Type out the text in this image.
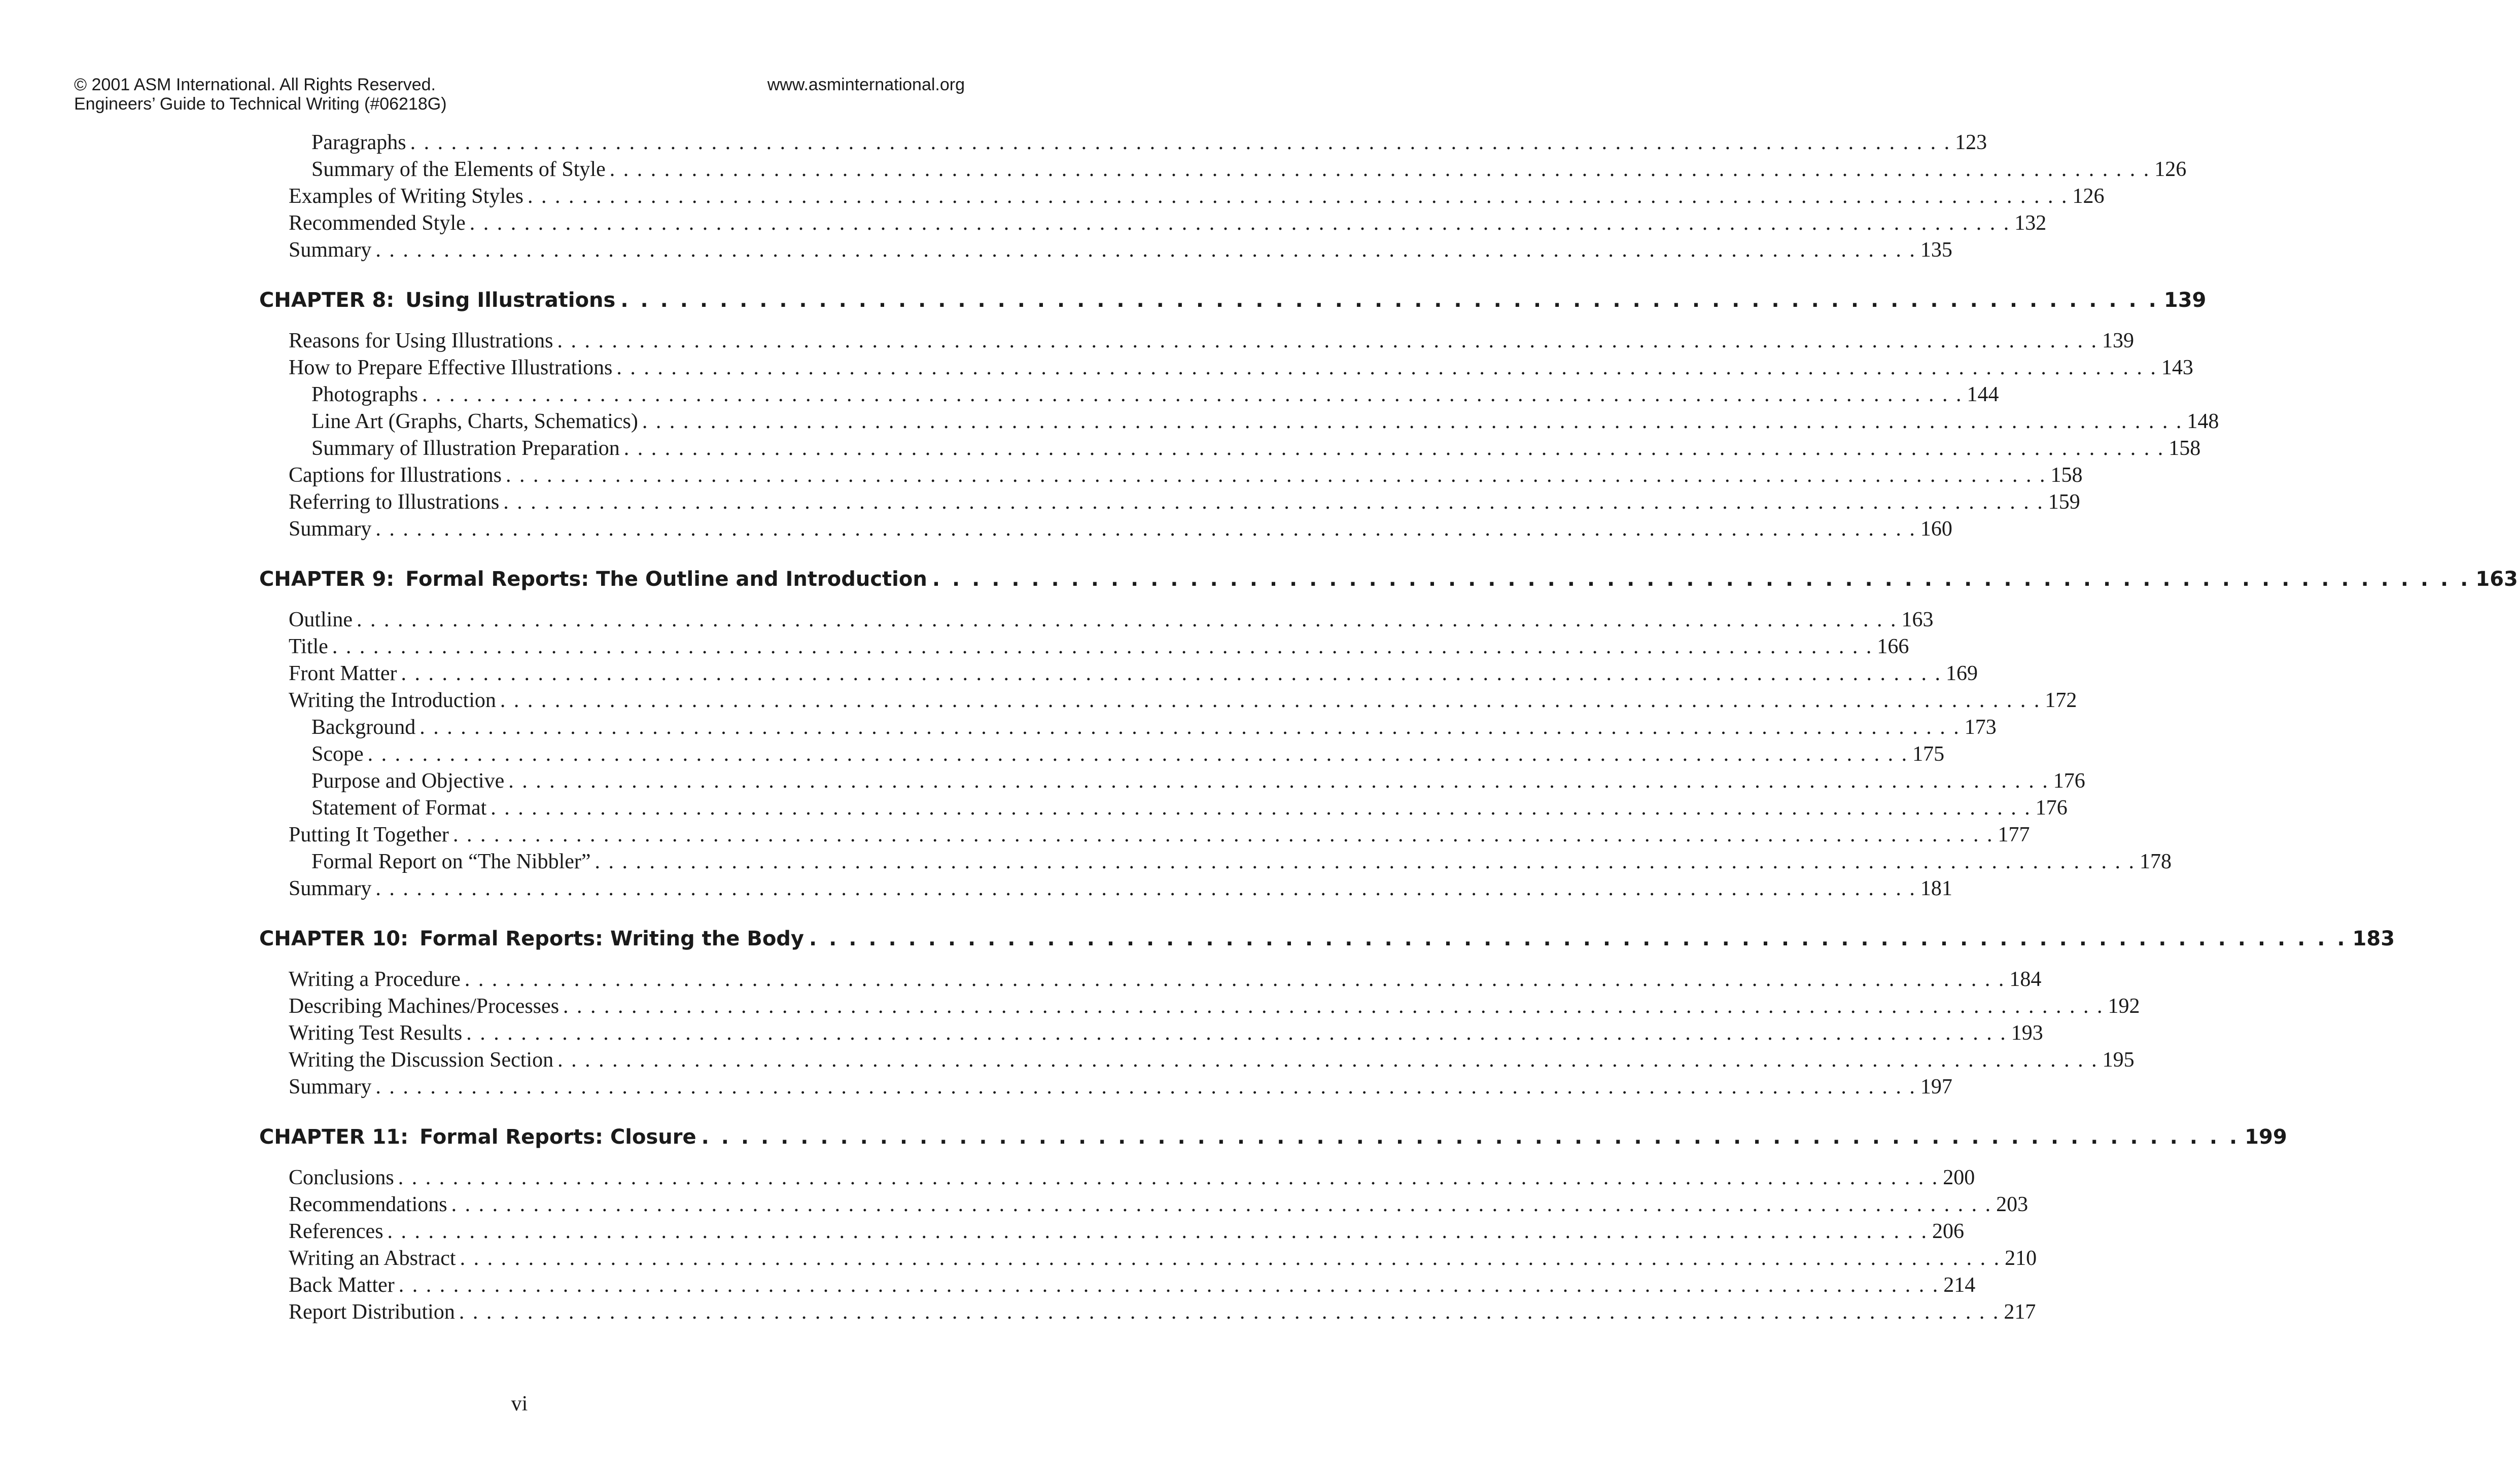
© 2001 ASM International. All Rights Reserved.
Engineers’ Guide to Technical Writing (#06218G)
www.asminternational.org
Paragraphs . . .	123
Summary of the Elements of Style . . .	126
Examples of Writing Styles . . .	126
Recommended Style . . .	132
Summary . . .	135
CHAPTER 8: Using Illustrations . . .	139
Reasons for Using Illustrations . . .	139
How to Prepare Effective Illustrations . . .	143
Photographs . . .	144
Line Art (Graphs, Charts, Schematics) . . .	148
Summary of Illustration Preparation . . .	158
Captions for Illustrations . . .	158
Referring to Illustrations . . .	159
Summary . . .	160
CHAPTER 9: Formal Reports: The Outline and Introduction . . .	163
Outline . . .	163
Title . . .	166
Front Matter . . .	169
Writing the Introduction . . .	172
Background . . .	173
Scope . . .	175
Purpose and Objective . . .	176
Statement of Format . . .	176
Putting It Together . . .	177
Formal Report on “The Nibbler” . . .	178
Summary . . .	181
CHAPTER 10: Formal Reports: Writing the Body . . .	183
Writing a Procedure . . .	184
Describing Machines/Processes . . .	192
Writing Test Results . . .	193
Writing the Discussion Section . . .	195
Summary . . .	197
CHAPTER 11: Formal Reports: Closure . . .	199
Conclusions . . .	200
Recommendations . . .	203
References . . .	206
Writing an Abstract . . .	210
Back Matter . . .	214
Report Distribution . . .	217
vi
